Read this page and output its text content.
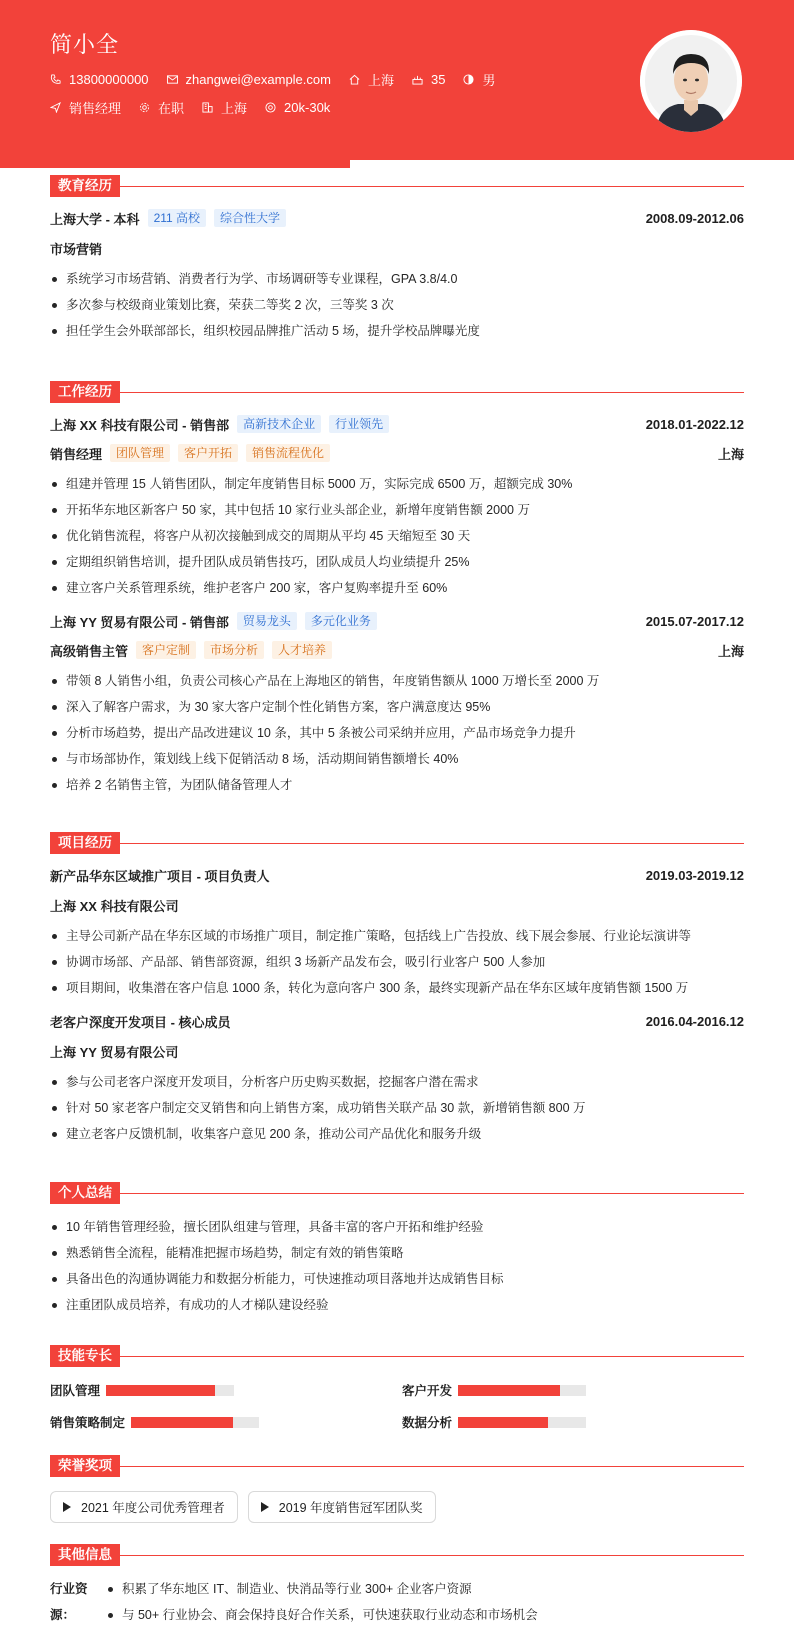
简小全
13800000000	zhangwei@example.com	上海	35	男
销售经理	在职	上海	20k-30k
教育经历
上海大学 - 本科	211 高校	综合性大学	2008.09-2012.06
市场营销
系统学习市场营销、消费者行为学、市场调研等专业课程，GPA 3.8/4.0
多次参与校级商业策划比赛，荣获二等奖 2 次，三等奖 3 次
担任学生会外联部部长，组织校园品牌推广活动 5 场，提升学校品牌曝光度
工作经历
上海 XX 科技有限公司 - 销售部	高新技术企业	行业领先	2018.01-2022.12
销售经理	团队管理	客户开拓	销售流程优化	上海
组建并管理 15 人销售团队，制定年度销售目标 5000 万，实际完成 6500 万，超额完成 30%
开拓华东地区新客户 50 家，其中包括 10 家行业头部企业，新增年度销售额 2000 万
优化销售流程，将客户从初次接触到成交的周期从平均 45 天缩短至 30 天
定期组织销售培训，提升团队成员销售技巧，团队成员人均业绩提升 25%
建立客户关系管理系统，维护老客户 200 家，客户复购率提升至 60%
上海 YY 贸易有限公司 - 销售部	贸易龙头	多元化业务	2015.07-2017.12
高级销售主管	客户定制	市场分析	人才培养	上海
带领 8 人销售小组，负责公司核心产品在上海地区的销售，年度销售额从 1000 万增长至 2000 万
深入了解客户需求，为 30 家大客户定制个性化销售方案，客户满意度达 95%
分析市场趋势，提出产品改进建议 10 条，其中 5 条被公司采纳并应用，产品市场竞争力提升
与市场部协作，策划线上线下促销活动 8 场，活动期间销售额增长 40%
培养 2 名销售主管，为团队储备管理人才
项目经历
新产品华东区域推广项目 - 项目负责人	2019.03-2019.12
上海 XX 科技有限公司
主导公司新产品在华东区域的市场推广项目，制定推广策略，包括线上广告投放、线下展会参展、行业论坛演讲等
协调市场部、产品部、销售部资源，组织 3 场新产品发布会，吸引行业客户 500 人参加
项目期间，收集潜在客户信息 1000 条，转化为意向客户 300 条，最终实现新产品在华东区域年度销售额 1500 万
老客户深度开发项目 - 核心成员	2016.04-2016.12
上海 YY 贸易有限公司
参与公司老客户深度开发项目，分析客户历史购买数据，挖掘客户潜在需求
针对 50 家老客户制定交叉销售和向上销售方案，成功销售关联产品 30 款，新增销售额 800 万
建立老客户反馈机制，收集客户意见 200 条，推动公司产品优化和服务升级
个人总结
10 年销售管理经验，擅长团队组建与管理，具备丰富的客户开拓和维护经验
熟悉销售全流程，能精准把握市场趋势，制定有效的销售策略
具备出色的沟通协调能力和数据分析能力，可快速推动项目落地并达成销售目标
注重团队成员培养，有成功的人才梯队建设经验
技能专长
团队管理	客户开发
销售策略制定	数据分析
荣誉奖项
2021 年度公司优秀管理者	2019 年度销售冠军团队奖
其他信息
行业资源：
积累了华东地区 IT、制造业、快消品等行业 300+ 企业客户资源
与 50+ 行业协会、商会保持良好合作关系，可快速获取行业动态和市场机会
